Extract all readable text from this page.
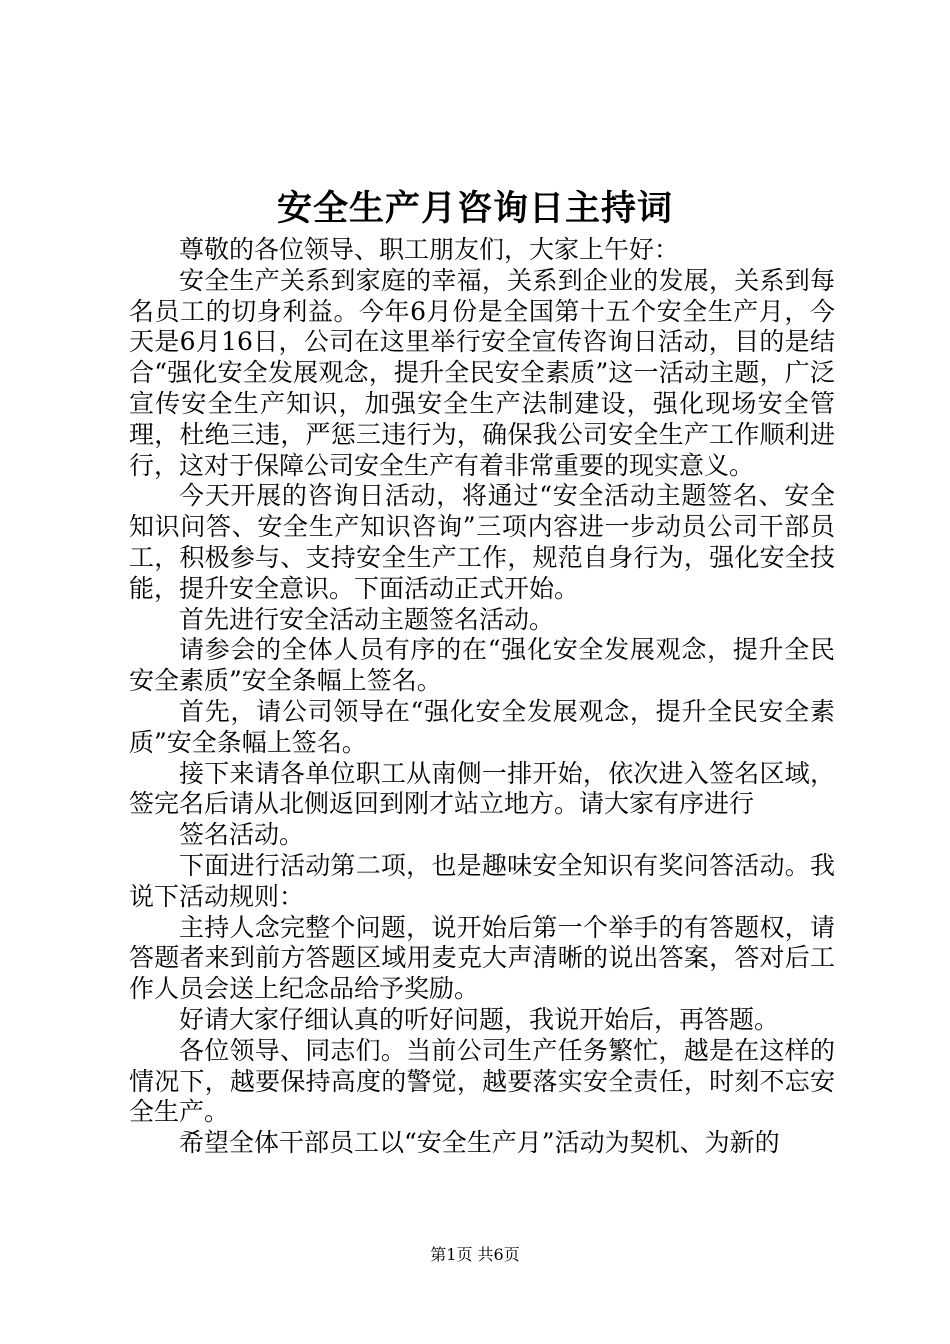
安全生产月咨询日主持词

尊敬的各位领导、职工朋友们，大家上午好：

安全生产关系到家庭的幸福，关系到企业的发展，关系到每名员工的切身利益。今年6月份是全国第十五个安全生产月，今天是6月16日，公司在这里举行安全宣传咨询日活动，目的是结合“强化安全发展观念，提升全民安全素质”这一活动主题，广泛宣传安全生产知识，加强安全生产法制建设，强化现场安全管理，杜绝三违，严惩三违行为，确保我公司安全生产工作顺利进行，这对于保障公司安全生产有着非常重要的现实意义。

今天开展的咨询日活动，将通过“安全活动主题签名、安全知识问答、安全生产知识咨询”三项内容进一步动员公司干部员工，积极参与、支持安全生产工作，规范自身行为，强化安全技能，提升安全意识。下面活动正式开始。

首先进行安全活动主题签名活动。

请参会的全体人员有序的在“强化安全发展观念，提升全民安全素质”安全条幅上签名。

首先，请公司领导在“强化安全发展观念，提升全民安全素质”安全条幅上签名。

接下来请各单位职工从南侧一排开始，依次进入签名区域，签完名后请从北侧返回到刚才站立地方。请大家有序进行

签名活动。

下面进行活动第二项，也是趣味安全知识有奖问答活动。我说下活动规则：

主持人念完整个问题，说开始后第一个举手的有答题权，请答题者来到前方答题区域用麦克大声清晰的说出答案，答对后工作人员会送上纪念品给予奖励。

好请大家仔细认真的听好问题，我说开始后，再答题。

各位领导、同志们。当前公司生产任务繁忙，越是在这样的情况下，越要保持高度的警觉，越要落实安全责任，时刻不忘安全生产。

希望全体干部员工以“安全生产月”活动为契机、为新的

第1页 共6页
